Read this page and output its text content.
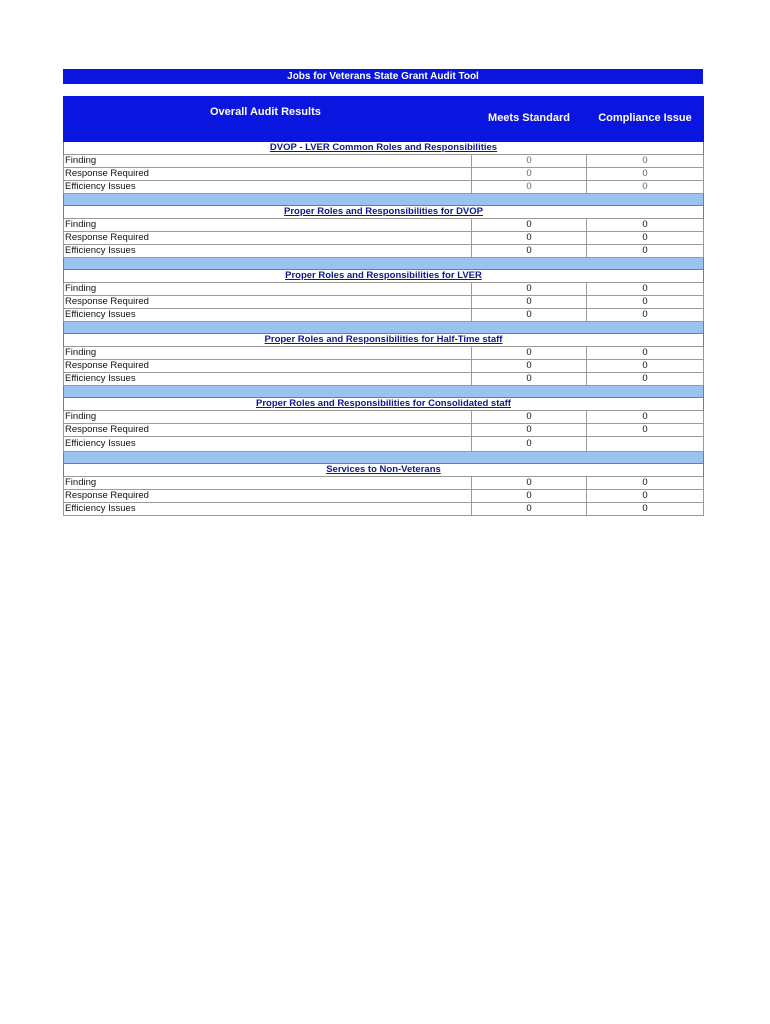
Jobs for Veterans State Grant Audit Tool
Overall Audit Results	Meets Standard	Compliance Issue
DVOP - LVER Common Roles and Responsibilities		
Finding	0	0
Response Required	0	0
Efficiency Issues	0	0

Proper Roles and Responsibilities for DVOP		
Finding	0	0
Response Required	0	0
Efficiency Issues	0	0

Proper Roles and Responsibilities for LVER		
Finding	0	0
Response Required	0	0
Efficiency Issues	0	0

Proper Roles and Responsibilities for Half-Time staff		
Finding	0	0
Response Required	0	0
Efficiency Issues	0	0

Proper Roles and Responsibilities for Consolidated staff		
Finding	0	0
Response Required	0	0
Efficiency Issues	0	

Services to Non-Veterans		
Finding	0	0
Response Required	0	0
Efficiency Issues	0	0
